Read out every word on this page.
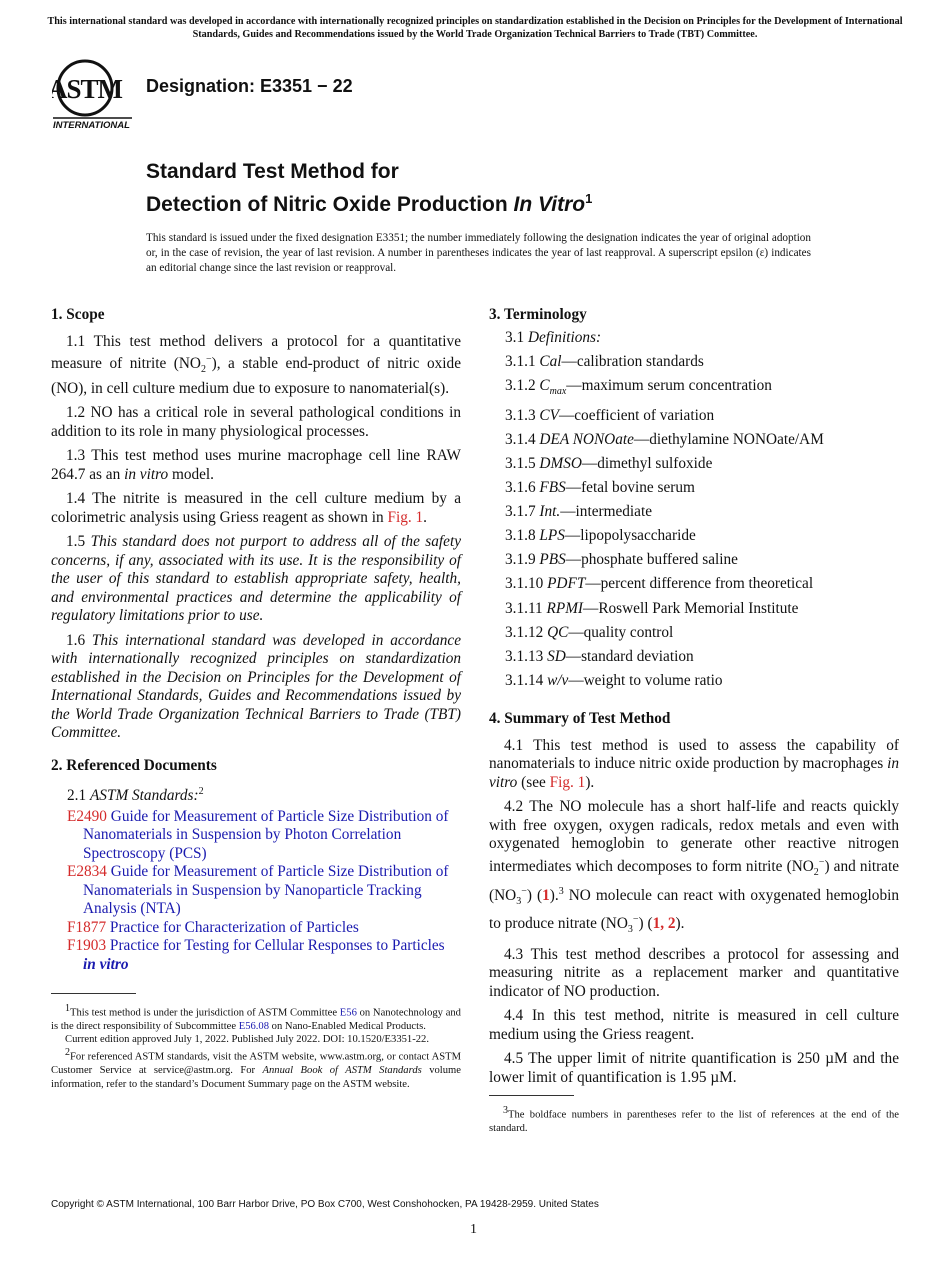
This international standard was developed in accordance with internationally recognized principles on standardization established in the Decision on Principles for the Development of International Standards, Guides and Recommendations issued by the World Trade Organization Technical Barriers to Trade (TBT) Committee.
ASTM
INTERNATIONAL
Designation: E3351 − 22
Standard Test Method for
Detection of Nitric Oxide Production In Vitro$^1$
This standard is issued under the fixed designation E3351; the number immediately following the designation indicates the year of original adoption or, in the case of revision, the year of last revision. A number in parentheses indicates the year of last reapproval. A superscript epsilon (ε) indicates an editorial change since the last revision or reapproval.
1. Scope

1.1 This test method delivers a protocol for a quantitative measure of nitrite $(NO_2^-)$, a stable end-product of nitric oxide (NO), in cell culture medium due to exposure to nanomaterial(s).

1.2 NO has a critical role in several pathological conditions in addition to its role in many physiological processes.

1.3 This test method uses murine macrophage cell line RAW 264.7 as an in vitro model.

1.4 The nitrite is measured in the cell culture medium by a colorimetric analysis using Griess reagent as shown in Fig. 1.

1.5 This standard does not purport to address all of the safety concerns, if any, associated with its use. It is the responsibility of the user of this standard to establish appropriate safety, health, and environmental practices and determine the applicability of regulatory limitations prior to use.

1.6 This international standard was developed in accordance with internationally recognized principles on standardization established in the Decision on Principles for the Development of International Standards, Guides and Recommendations issued by the World Trade Organization Technical Barriers to Trade (TBT) Committee.

2. Referenced Documents
2.1 ASTM Standards:$^2$
E2490 Guide for Measurement of Particle Size Distribution of Nanomaterials in Suspension by Photon Correlation Spectroscopy (PCS)
E2834 Guide for Measurement of Particle Size Distribution of Nanomaterials in Suspension by Nanoparticle Tracking Analysis (NTA)
F1877 Practice for Characterization of Particles
F1903 Practice for Testing for Cellular Responses to Particles in vitro

$^1$This test method is under the jurisdiction of ASTM Committee E56 on Nanotechnology and is the direct responsibility of Subcommittee E56.08 on Nano-Enabled Medical Products.

Current edition approved July 1, 2022. Published July 2022. DOI: 10.1520/E3351-22.

$^2$For referenced ASTM standards, visit the ASTM website, www.astm.org, or contact ASTM Customer Service at service@astm.org. For Annual Book of ASTM Standards volume information, refer to the standard’s Document Summary page on the ASTM website.

3. Terminology
3.1 Definitions:
3.1.1 Cal—calibration standards
3.1.2 $C_{max}—maximum$ serum concentration
3.1.3 CV—coefficient of variation
3.1.4 DEA NONOate—diethylamine NONOate/AM
3.1.5 DMSO—dimethyl sulfoxide
3.1.6 FBS—fetal bovine serum
3.1.7 Int.—intermediate
3.1.8 LPS—lipopolysaccharide
3.1.9 PBS—phosphate buffered saline
3.1.10 PDFT—percent difference from theoretical
3.1.11 RPMI—Roswell Park Memorial Institute
3.1.12 QC—quality control
3.1.13 SD—standard deviation
3.1.14 w/v—weight to volume ratio
4. Summary of Test Method

4.1 This test method is used to assess the capability of nanomaterials to induce nitric oxide production by macrophages in vitro (see Fig. 1).

4.2 The NO molecule has a short half-life and reacts quickly with free oxygen, oxygen radicals, redox metals and even with oxygenated hemoglobin to generate other reactive nitrogen intermediates which decomposes to form nitrite $(NO_2^-)$ and nitrate $(NO_3^-)$ (1).$^3$ NO molecule can react with oxygenated hemoglobin to produce nitrate $(NO_3^-)$ (1, 2).

4.3 This test method describes a protocol for assessing and measuring nitrite as a replacement marker and quantitative indicator of NO production.

4.4 In this test method, nitrite is measured in cell culture medium using the Griess reagent.

4.5 The upper limit of nitrite quantification is 250 µM and the lower limit of quantification is 1.95 µM.

$^3$The boldface numbers in parentheses refer to the list of references at the end of the standard.

Copyright © ASTM International, 100 Barr Harbor Drive, PO Box C700, West Conshohocken, PA 19428-2959. United States
1
